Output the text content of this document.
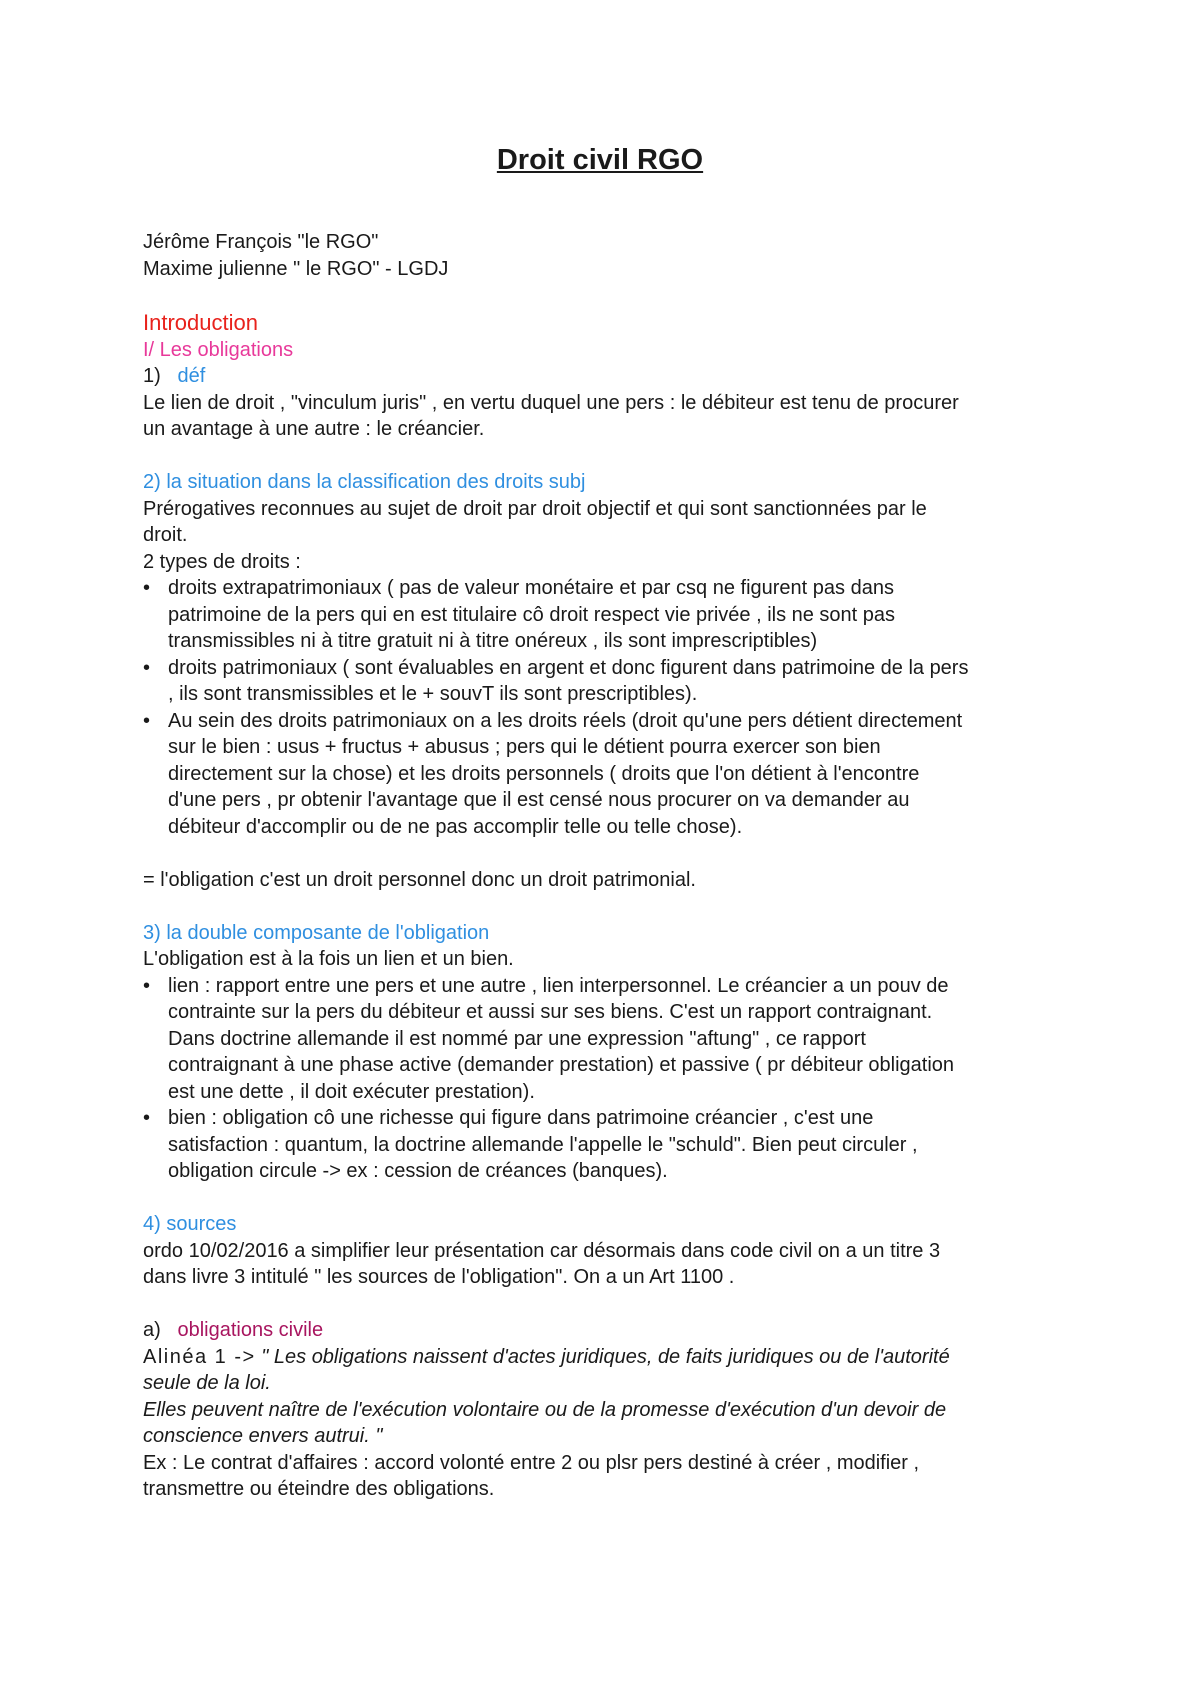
Droit civil RGO
Jérôme François "le RGO"
Maxime julienne " le RGO" - LGDJ
Introduction
I/ Les obligations
1) déf
Le lien de droit , "vinculum juris" , en vertu duquel une pers : le débiteur est tenu de procurer
un avantage à une autre : le créancier.
2) la situation dans la classification des droits subj
Prérogatives reconnues au sujet de droit par droit objectif et qui sont sanctionnées par le
droit.
2 types de droits :
• droits extrapatrimoniaux ( pas de valeur monétaire et par csq ne figurent pas dans
patrimoine de la pers qui en est titulaire cô droit respect vie privée , ils ne sont pas
transmissibles ni à titre gratuit ni à titre onéreux , ils sont imprescriptibles)
• droits patrimoniaux ( sont évaluables en argent et donc figurent dans patrimoine de la pers
, ils sont transmissibles et le + souvT ils sont prescriptibles).
• Au sein des droits patrimoniaux on a les droits réels (droit qu'une pers détient directement
sur le bien : usus + fructus + abusus ; pers qui le détient pourra exercer son bien
directement sur la chose) et les droits personnels ( droits que l'on détient à l'encontre
d'une pers , pr obtenir l'avantage que il est censé nous procurer on va demander au
débiteur d'accomplir ou de ne pas accomplir telle ou telle chose).
= l'obligation c'est un droit personnel donc un droit patrimonial.
3) la double composante de l'obligation
L'obligation est à la fois un lien et un bien.
• lien : rapport entre une pers et une autre , lien interpersonnel. Le créancier a un pouv de
contrainte sur la pers du débiteur et aussi sur ses biens. C'est un rapport contraignant.
Dans doctrine allemande il est nommé par une expression "aftung" , ce rapport
contraignant à une phase active (demander prestation) et passive ( pr débiteur obligation
est une dette , il doit exécuter prestation).
• bien : obligation cô une richesse qui figure dans patrimoine créancier , c'est une
satisfaction : quantum, la doctrine allemande l'appelle le "schuld". Bien peut circuler ,
obligation circule -> ex : cession de créances (banques).
4) sources
ordo 10/02/2016 a simplifier leur présentation car désormais dans code civil on a un titre 3
dans livre 3 intitulé " les sources de l'obligation". On a un Art 1100 .
a) obligations civile
Alinéa 1 -> " Les obligations naissent d'actes juridiques, de faits juridiques ou de l'autorité
seule de la loi.
Elles peuvent naître de l'exécution volontaire ou de la promesse d'exécution d'un devoir de
conscience envers autrui. "
Ex : Le contrat d'affaires : accord volonté entre 2 ou plsr pers destiné à créer , modifier ,
transmettre ou éteindre des obligations.
